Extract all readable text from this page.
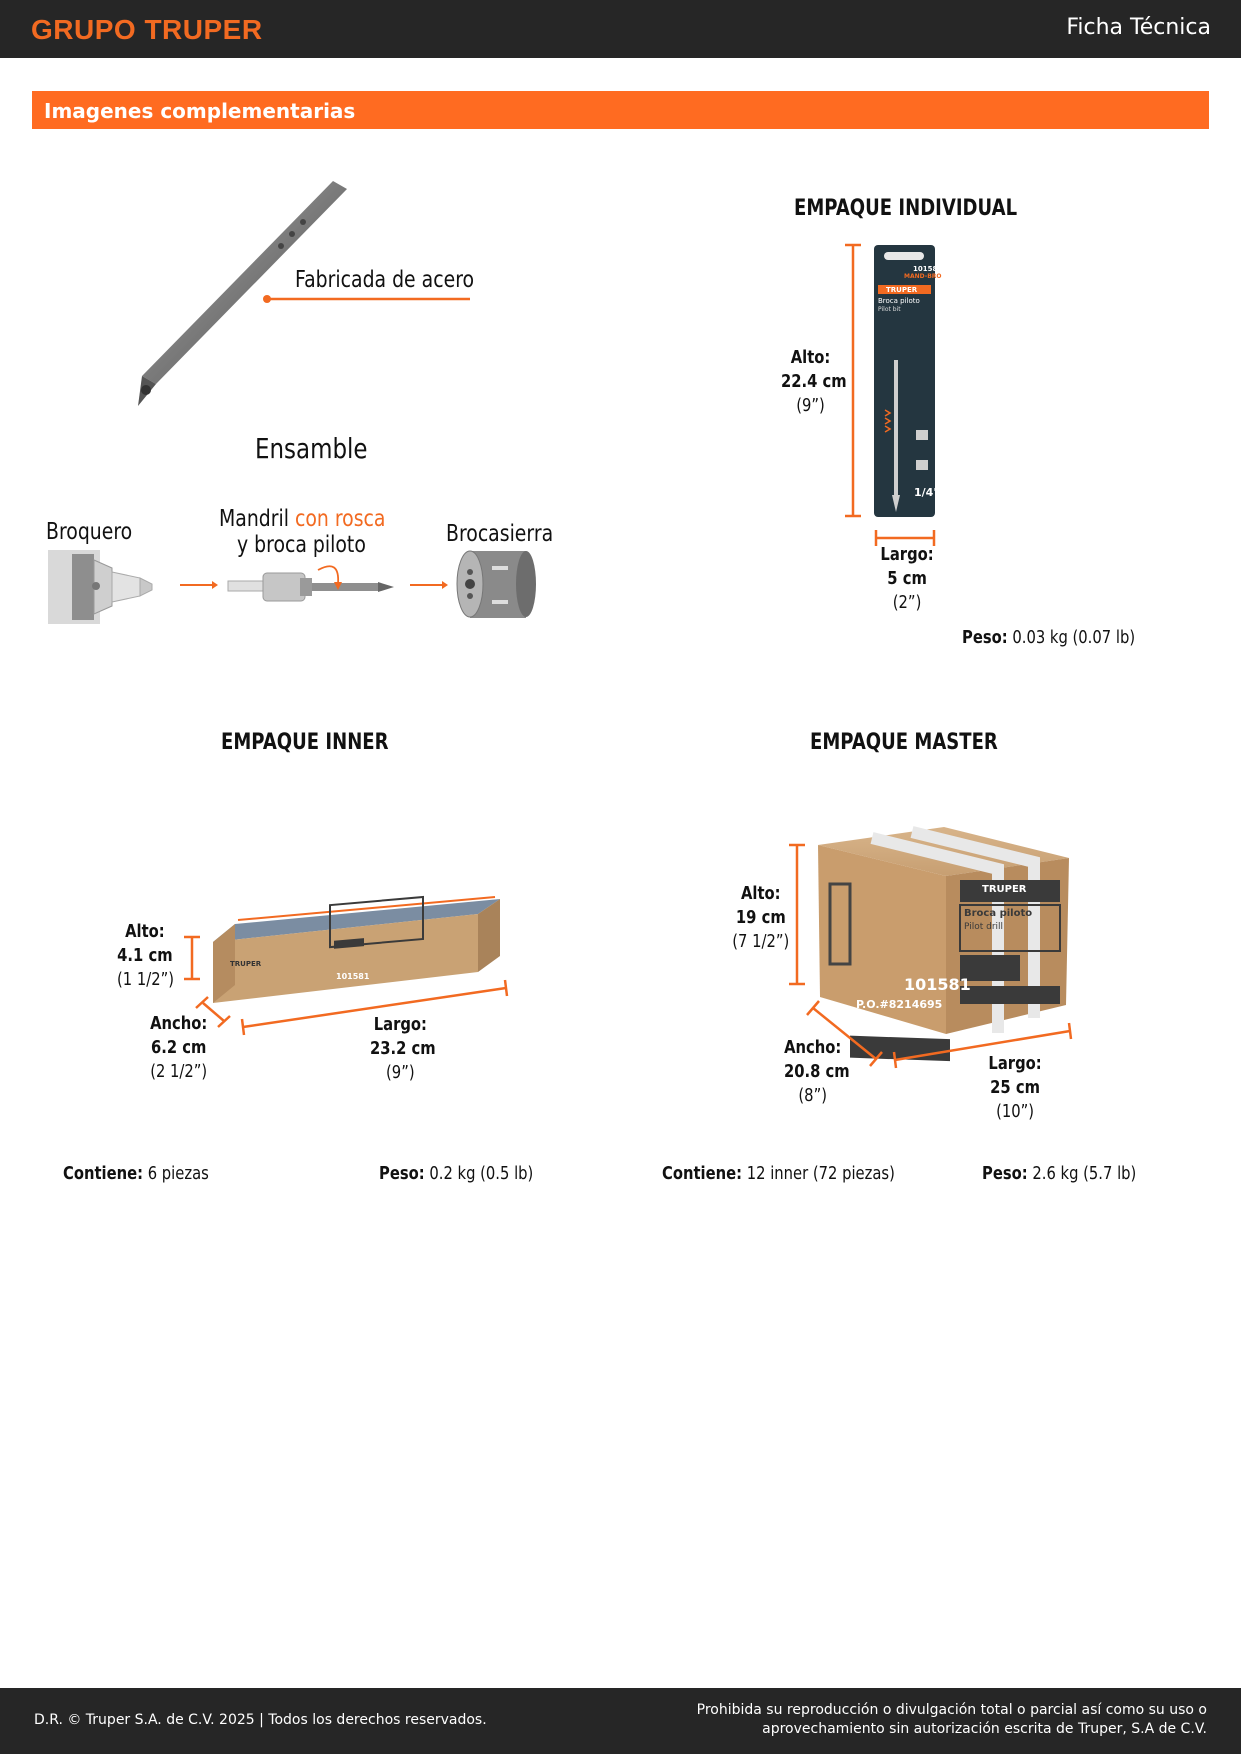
GRUPO TRUPER	Ficha Técnica
Imagenes complementarias
101581
MAND-BRO
TRUPER
Broca piloto
Pilot bit
1/4"
Fabricada de acero
Ensamble
Broquero	Mandril con rosca
y broca piloto	Brocasierra
EMPAQUE INDIVIDUAL
Alto:
22.4 cm
(9”)
Largo:
5 cm
(2”)
Peso: 0.03 kg (0.07 lb)
EMPAQUE INNER
TRUPER
101581
Alto:
4.1 cm
(1 1/2”)
Ancho:
6.2 cm
(2 1/2”)
Largo:
23.2 cm
(9”)
Contiene: 6 piezas	Peso: 0.2 kg (0.5 lb)
EMPAQUE MASTER
TRUPER
Broca piloto
Pilot drill
101581
P.O.#8214695
Alto:
19 cm
(7 1/2”)
Ancho:
20.8 cm
(8”)
Largo:
25 cm
(10”)
Contiene: 12 inner (72 piezas)	Peso: 2.6 kg (5.7 lb)
D.R. © Truper S.A. de C.V. 2025 | Todos los derechos reservados.
Prohibida su reproducción o divulgación total o parcial así como su uso o
aprovechamiento sin autorización escrita de Truper, S.A de C.V.
